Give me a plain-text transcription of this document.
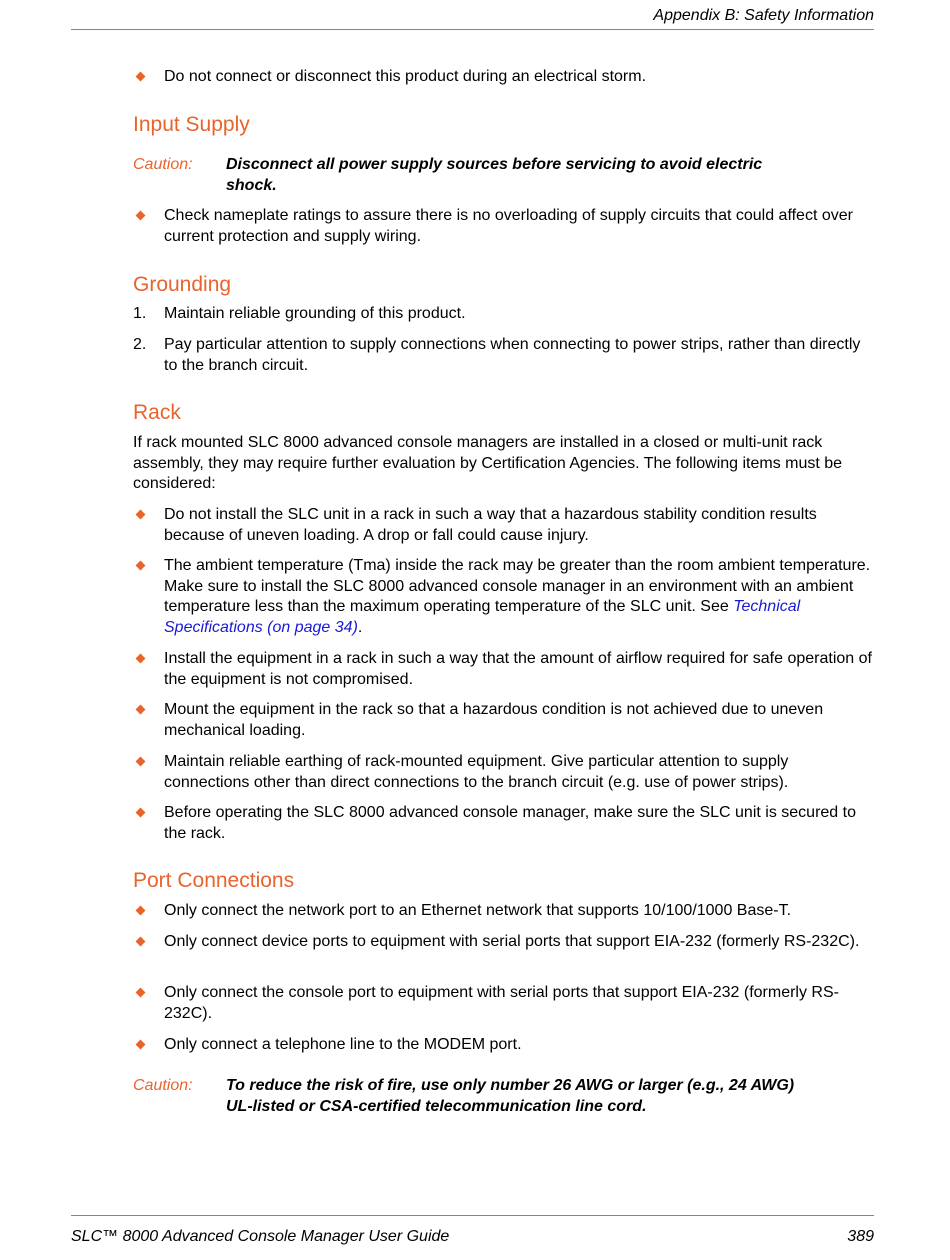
Appendix B: Safety Information
Do not connect or disconnect this product during an electrical storm.
Input Supply
Caution: Disconnect all power supply sources before servicing to avoid electric shock.
Check nameplate ratings to assure there is no overloading of supply circuits that could affect over current protection and supply wiring.
Grounding
1. Maintain reliable grounding of this product.
2. Pay particular attention to supply connections when connecting to power strips, rather than directly to the branch circuit.
Rack
If rack mounted SLC 8000 advanced console managers are installed in a closed or multi-unit rack assembly, they may require further evaluation by Certification Agencies. The following items must be considered:
Do not install the SLC unit in a rack in such a way that a hazardous stability condition results because of uneven loading. A drop or fall could cause injury.
The ambient temperature (Tma) inside the rack may be greater than the room ambient temperature. Make sure to install the SLC 8000 advanced console manager in an environment with an ambient temperature less than the maximum operating temperature of the SLC unit. See Technical Specifications (on page 34).
Install the equipment in a rack in such a way that the amount of airflow required for safe operation of the equipment is not compromised.
Mount the equipment in the rack so that a hazardous condition is not achieved due to uneven mechanical loading.
Maintain reliable earthing of rack-mounted equipment. Give particular attention to supply connections other than direct connections to the branch circuit (e.g. use of power strips).
Before operating the SLC 8000 advanced console manager, make sure the SLC unit is secured to the rack.
Port Connections
Only connect the network port to an Ethernet network that supports 10/100/1000 Base-T.
Only connect device ports to equipment with serial ports that support EIA-232 (formerly RS-232C).
Only connect the console port to equipment with serial ports that support EIA-232 (formerly RS-232C).
Only connect a telephone line to the MODEM port.
Caution: To reduce the risk of fire, use only number 26 AWG or larger (e.g., 24 AWG) UL-listed or CSA-certified telecommunication line cord.
SLC™ 8000 Advanced Console Manager User Guide	389
